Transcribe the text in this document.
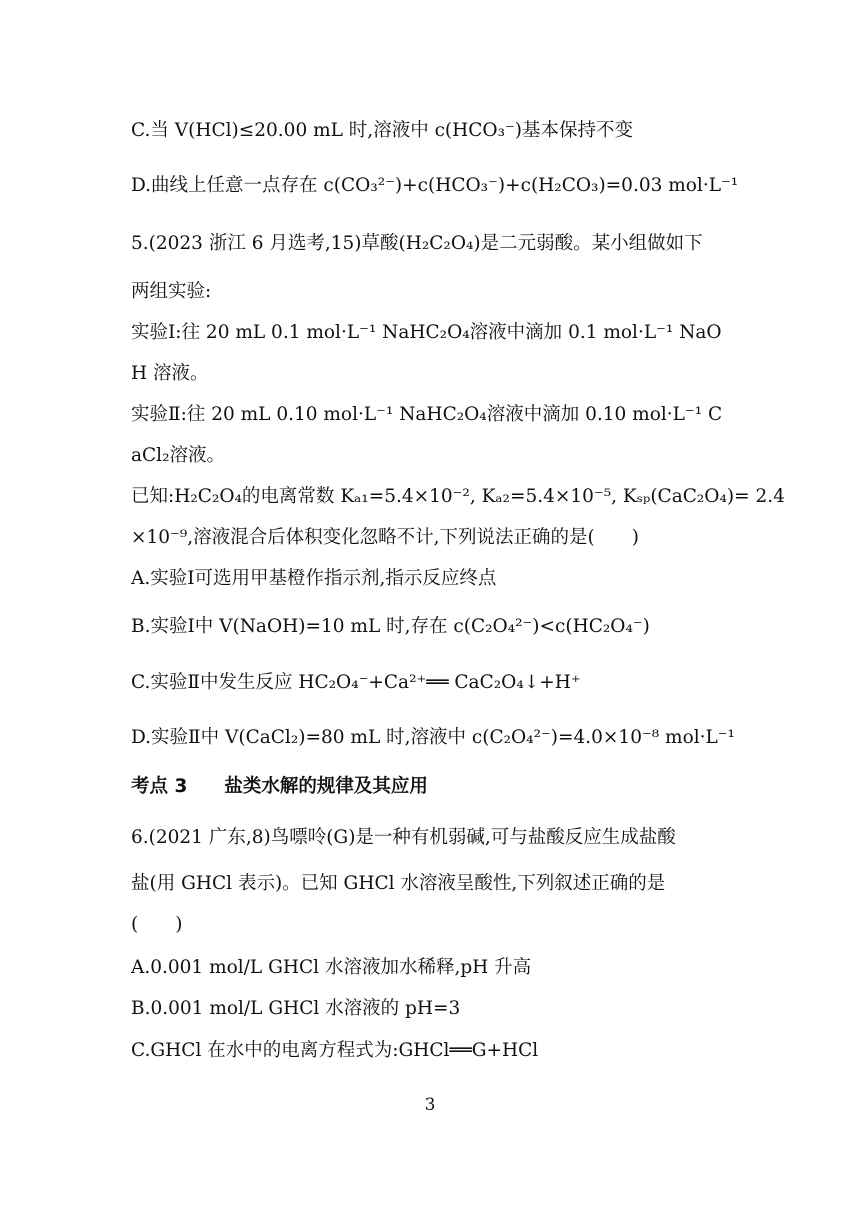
C.当 V(HCl)≤20.00 mL 时,溶液中 c(HCO₃⁻)基本保持不变
D.曲线上任意一点存在 c(CO₃²⁻)+c(HCO₃⁻)+c(H₂CO₃)=0.03 mol·L⁻¹
5.(2023 浙江 6 月选考,15)草酸(H₂C₂O₄)是二元弱酸。某小组做如下
两组实验:
实验Ⅰ:往 20 mL 0.1 mol·L⁻¹ NaHC₂O₄溶液中滴加 0.1 mol·L⁻¹ NaO
H 溶液。
实验Ⅱ:往 20 mL 0.10 mol·L⁻¹ NaHC₂O₄溶液中滴加 0.10 mol·L⁻¹ C
aCl₂溶液。
已知:H₂C₂O₄的电离常数 Kₐ₁=5.4×10⁻², Kₐ₂=5.4×10⁻⁵, Kₛₚ(CaC₂O₄)= 2.4
×10⁻⁹,溶液混合后体积变化忽略不计,下列说法正确的是(　　)
A.实验Ⅰ可选用甲基橙作指示剂,指示反应终点
B.实验Ⅰ中 V(NaOH)=10 mL 时,存在 c(C₂O₄²⁻)<c(HC₂O₄⁻)
C.实验Ⅱ中发生反应 HC₂O₄⁻+Ca²⁺══ CaC₂O₄↓+H⁺
D.实验Ⅱ中 V(CaCl₂)=80 mL 时,溶液中 c(C₂O₄²⁻)=4.0×10⁻⁸ mol·L⁻¹
考点 3　　盐类水解的规律及其应用
6.(2021 广东,8)鸟嘌呤(G)是一种有机弱碱,可与盐酸反应生成盐酸
盐(用 GHCl 表示)。已知 GHCl 水溶液呈酸性,下列叙述正确的是
(　　)
A.0.001 mol/L GHCl 水溶液加水稀释,pH 升高
B.0.001 mol/L GHCl 水溶液的 pH=3
C.GHCl 在水中的电离方程式为:GHCl══G+HCl
3
